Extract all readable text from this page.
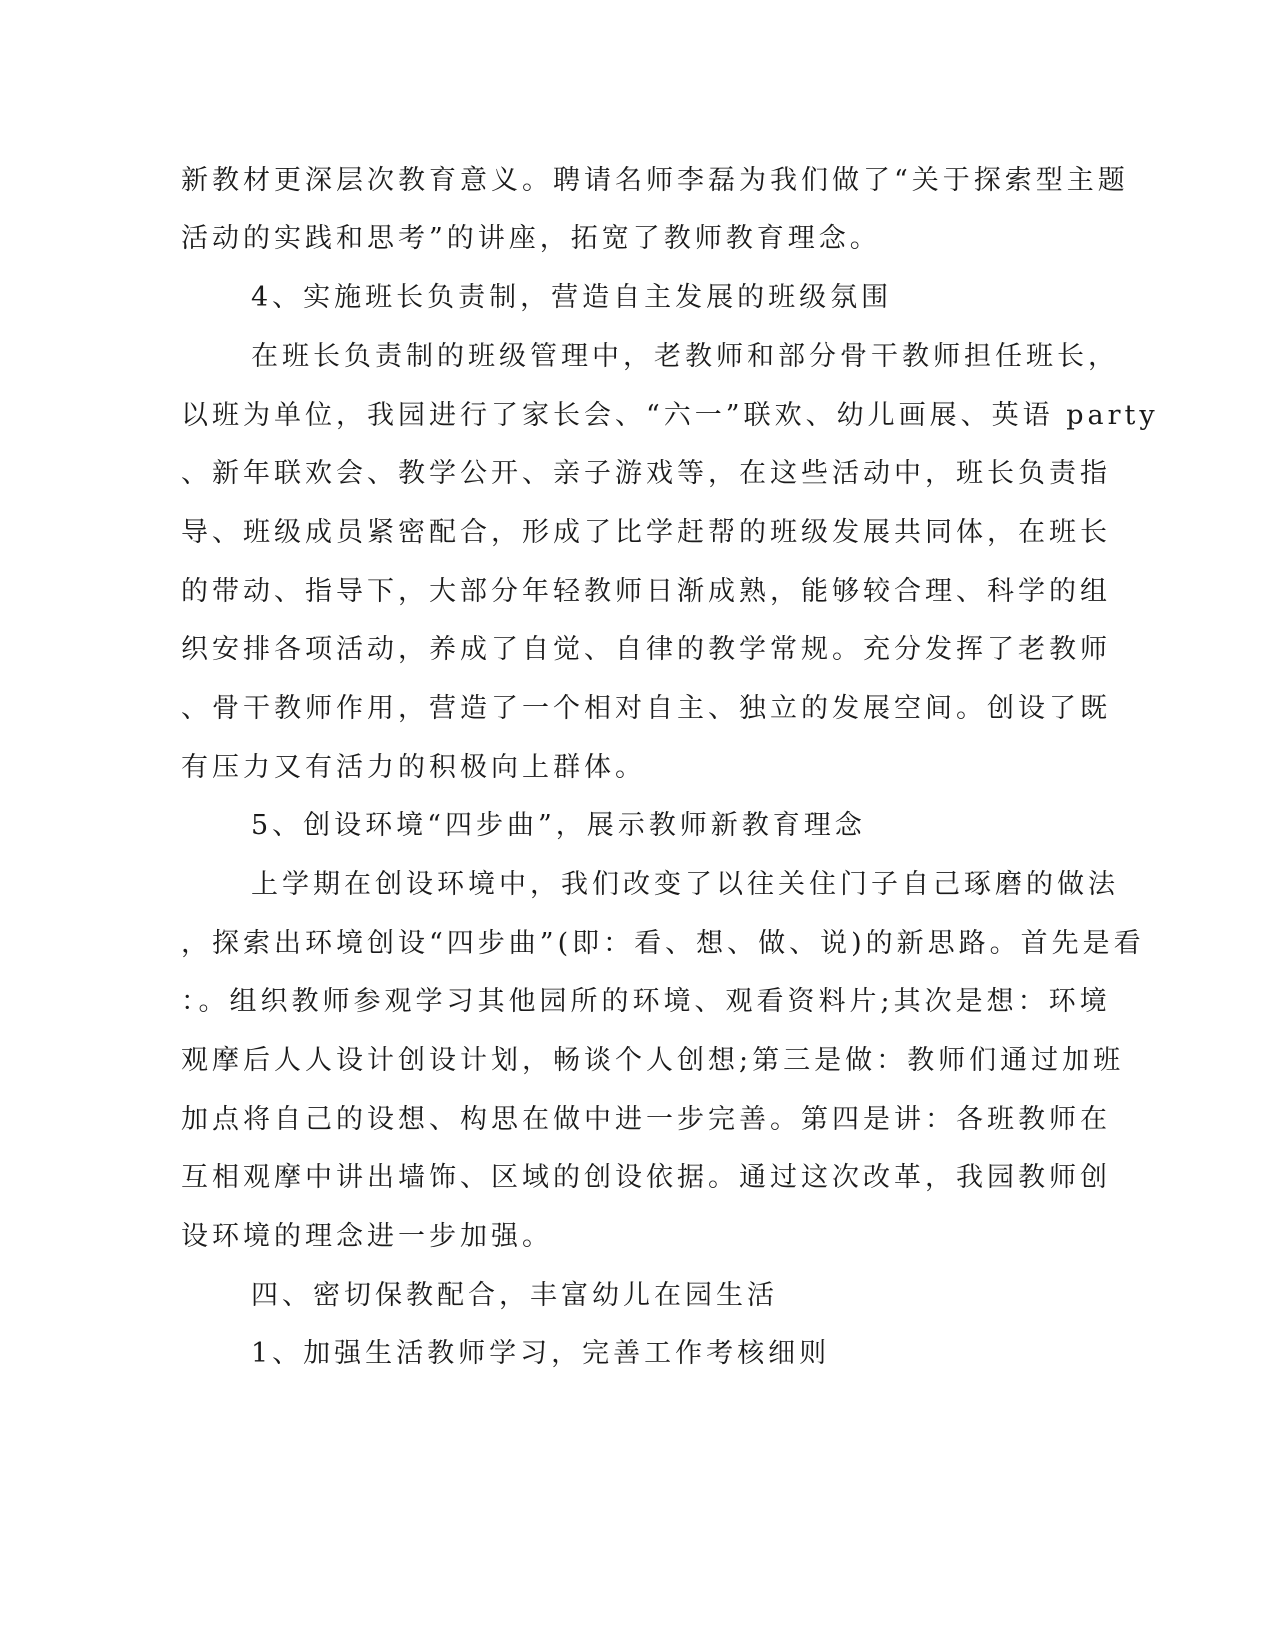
新教材更深层次教育意义。聘请名师李磊为我们做了“关于探索型主题
活动的实践和思考”的讲座，拓宽了教师教育理念。
4、实施班长负责制，营造自主发展的班级氛围
在班长负责制的班级管理中，老教师和部分骨干教师担任班长，
以班为单位，我园进行了家长会、“六一”联欢、幼儿画展、英语 party
、新年联欢会、教学公开、亲子游戏等，在这些活动中，班长负责指
导、班级成员紧密配合，形成了比学赶帮的班级发展共同体，在班长
的带动、指导下，大部分年轻教师日渐成熟，能够较合理、科学的组
织安排各项活动，养成了自觉、自律的教学常规。充分发挥了老教师
、骨干教师作用，营造了一个相对自主、独立的发展空间。创设了既
有压力又有活力的积极向上群体。
5、创设环境“四步曲”，展示教师新教育理念
上学期在创设环境中，我们改变了以往关住门子自己琢磨的做法
，探索出环境创设“四步曲”(即：看、想、做、说)的新思路。首先是看
：。组织教师参观学习其他园所的环境、观看资料片;其次是想：环境
观摩后人人设计创设计划，畅谈个人创想;第三是做：教师们通过加班
加点将自己的设想、构思在做中进一步完善。第四是讲：各班教师在
互相观摩中讲出墙饰、区域的创设依据。通过这次改革，我园教师创
设环境的理念进一步加强。
四、密切保教配合，丰富幼儿在园生活
1、加强生活教师学习，完善工作考核细则
